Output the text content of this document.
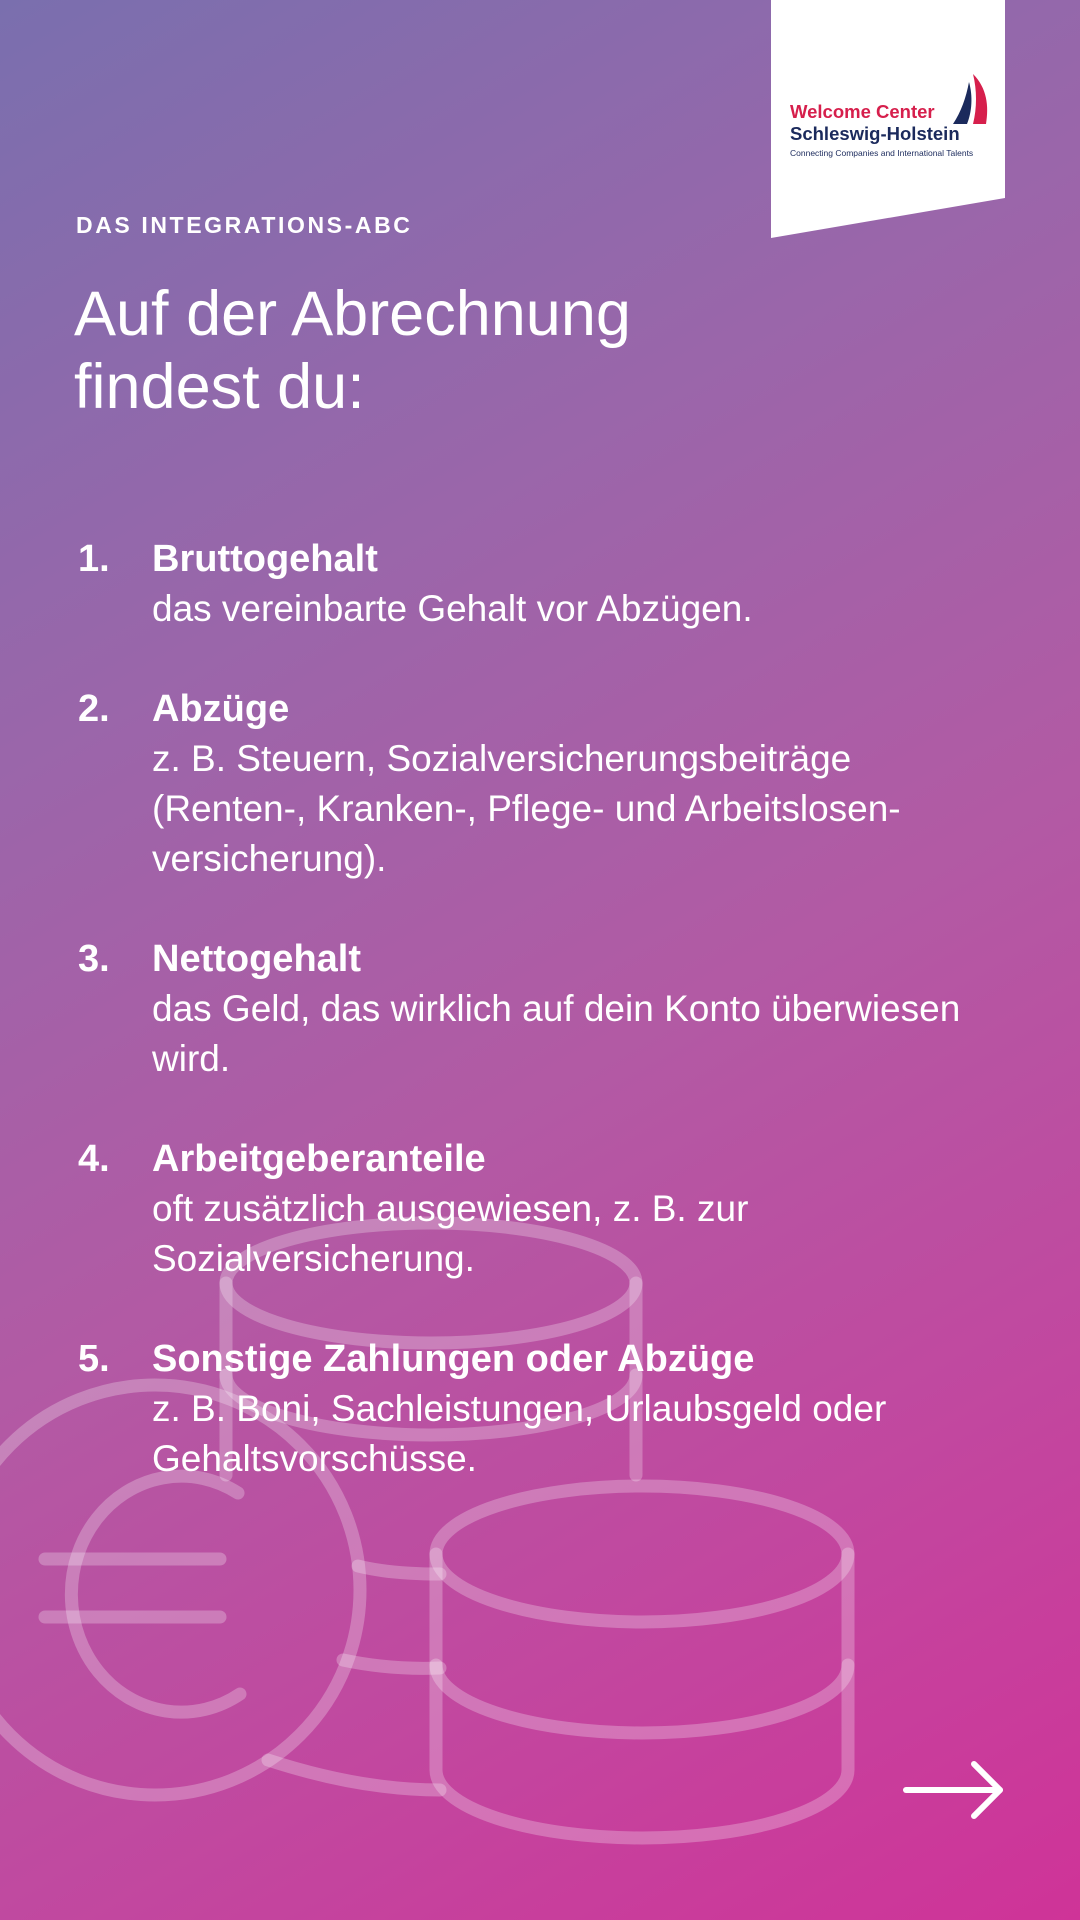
Welcome Center
Schleswig-Holstein
Connecting Companies and International Talents
DAS INTEGRATIONS-ABC
Auf der Abrechnung findest du:
1. Bruttogehalt
das vereinbarte Gehalt vor Abzügen.
2. Abzüge
z. B. Steuern, Sozialversicherungsbeiträge (Renten-, Kranken-, Pflege- und Arbeitslosen-versicherung).
3. Nettogehalt
das Geld, das wirklich auf dein Konto überwiesen wird.
4. Arbeitgeberanteile
oft zusätzlich ausgewiesen, z. B. zur Sozialversicherung.
5. Sonstige Zahlungen oder Abzüge
z. B. Boni, Sachleistungen, Urlaubsgeld oder Gehaltsvorschüsse.
